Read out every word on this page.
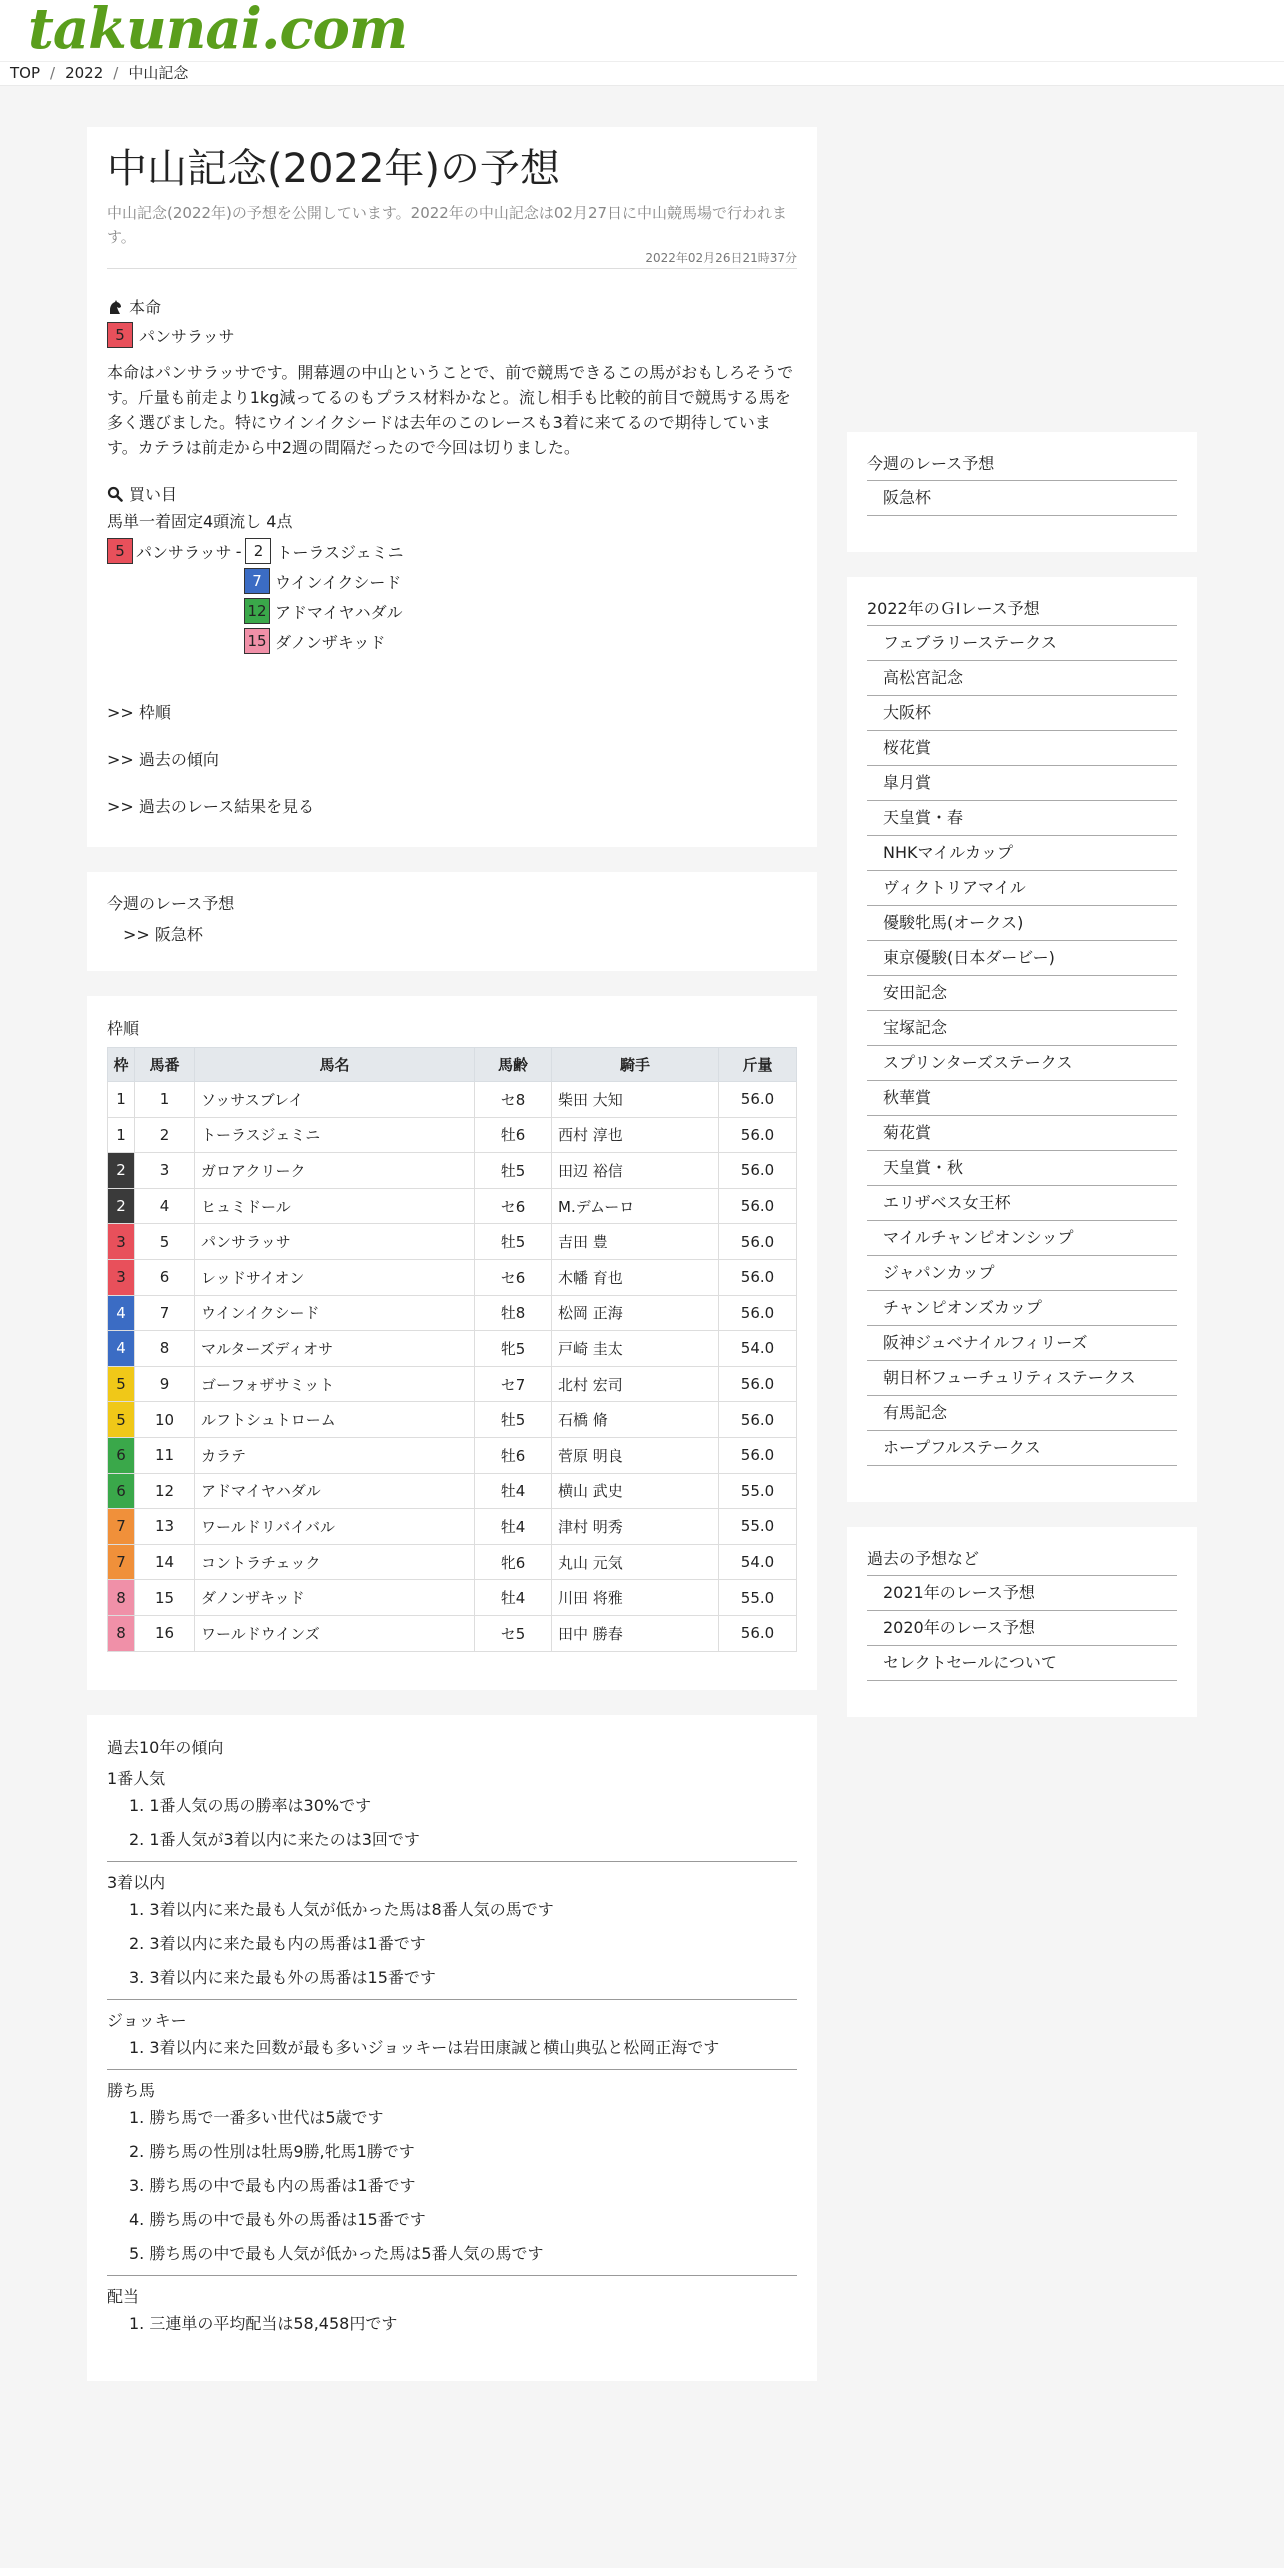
takunai.com
TOP / 2022 / 中山記念
中山記念(2022年)の予想

中山記念(2022年)の予想を公開しています。2022年の中山記念は02月27日に中山競馬場で行われます。

2022年02月26日21時37分
本命
5 パンサラッサ

本命はパンサラッサです。開幕週の中山ということで、前で競馬できるこの馬がおもしろそうです。斤量も前走より1kg減ってるのもプラス材料かなと。流し相手も比較的前目で競馬する馬を多く選びました。特にウインイクシードは去年のこのレースも3着に来てるので期待しています。カテラは前走から中2週の間隔だったので今回は切りました。

買い目
馬単一着固定4頭流し 4点
5 パンサラッサ - 2 トーラスジェミニ
7 ウインイクシード
12 アドマイヤハダル
15 ダノンザキッド
>> 枠順
>> 過去の傾向
>> 過去のレース結果を見る
今週のレース予想
>> 阪急杯
枠順
枠	馬番	馬名	馬齢	騎手	斤量
1	1	ソッサスブレイ	セ8	柴田 大知	56.0
1	2	トーラスジェミニ	牡6	西村 淳也	56.0
2	3	ガロアクリーク	牡5	田辺 裕信	56.0
2	4	ヒュミドール	セ6	M.デムーロ	56.0
3	5	パンサラッサ	牡5	吉田 豊	56.0
3	6	レッドサイオン	セ6	木幡 育也	56.0
4	7	ウインイクシード	牡8	松岡 正海	56.0
4	8	マルターズディオサ	牝5	戸崎 圭太	54.0
5	9	ゴーフォザサミット	セ7	北村 宏司	56.0
5	10	ルフトシュトローム	牡5	石橋 脩	56.0
6	11	カラテ	牡6	菅原 明良	56.0
6	12	アドマイヤハダル	牡4	横山 武史	55.0
7	13	ワールドリバイバル	牡4	津村 明秀	55.0
7	14	コントラチェック	牝6	丸山 元気	54.0
8	15	ダノンザキッド	牡4	川田 将雅	55.0
8	16	ワールドウインズ	セ5	田中 勝春	56.0
過去10年の傾向
1番人気
1. 1番人気の馬の勝率は30%です
2. 1番人気が3着以内に来たのは3回です
3着以内
1. 3着以内に来た最も人気が低かった馬は8番人気の馬です
2. 3着以内に来た最も内の馬番は1番です
3. 3着以内に来た最も外の馬番は15番です
ジョッキー
1. 3着以内に来た回数が最も多いジョッキーは岩田康誠と横山典弘と松岡正海です
勝ち馬
1. 勝ち馬で一番多い世代は5歳です
2. 勝ち馬の性別は牡馬9勝,牝馬1勝です
3. 勝ち馬の中で最も内の馬番は1番です
4. 勝ち馬の中で最も外の馬番は15番です
5. 勝ち馬の中で最も人気が低かった馬は5番人気の馬です
配当
1. 三連単の平均配当は58,458円です
今週のレース予想
阪急杯
2022年のＧⅠレース予想
フェブラリーステークス
高松宮記念
大阪杯
桜花賞
皐月賞
天皇賞・春
NHKマイルカップ
ヴィクトリアマイル
優駿牝馬(オークス)
東京優駿(日本ダービー)
安田記念
宝塚記念
スプリンターズステークス
秋華賞
菊花賞
天皇賞・秋
エリザベス女王杯
マイルチャンピオンシップ
ジャパンカップ
チャンピオンズカップ
阪神ジュベナイルフィリーズ
朝日杯フューチュリティステークス
有馬記念
ホープフルステークス
過去の予想など
2021年のレース予想
2020年のレース予想
セレクトセールについて
